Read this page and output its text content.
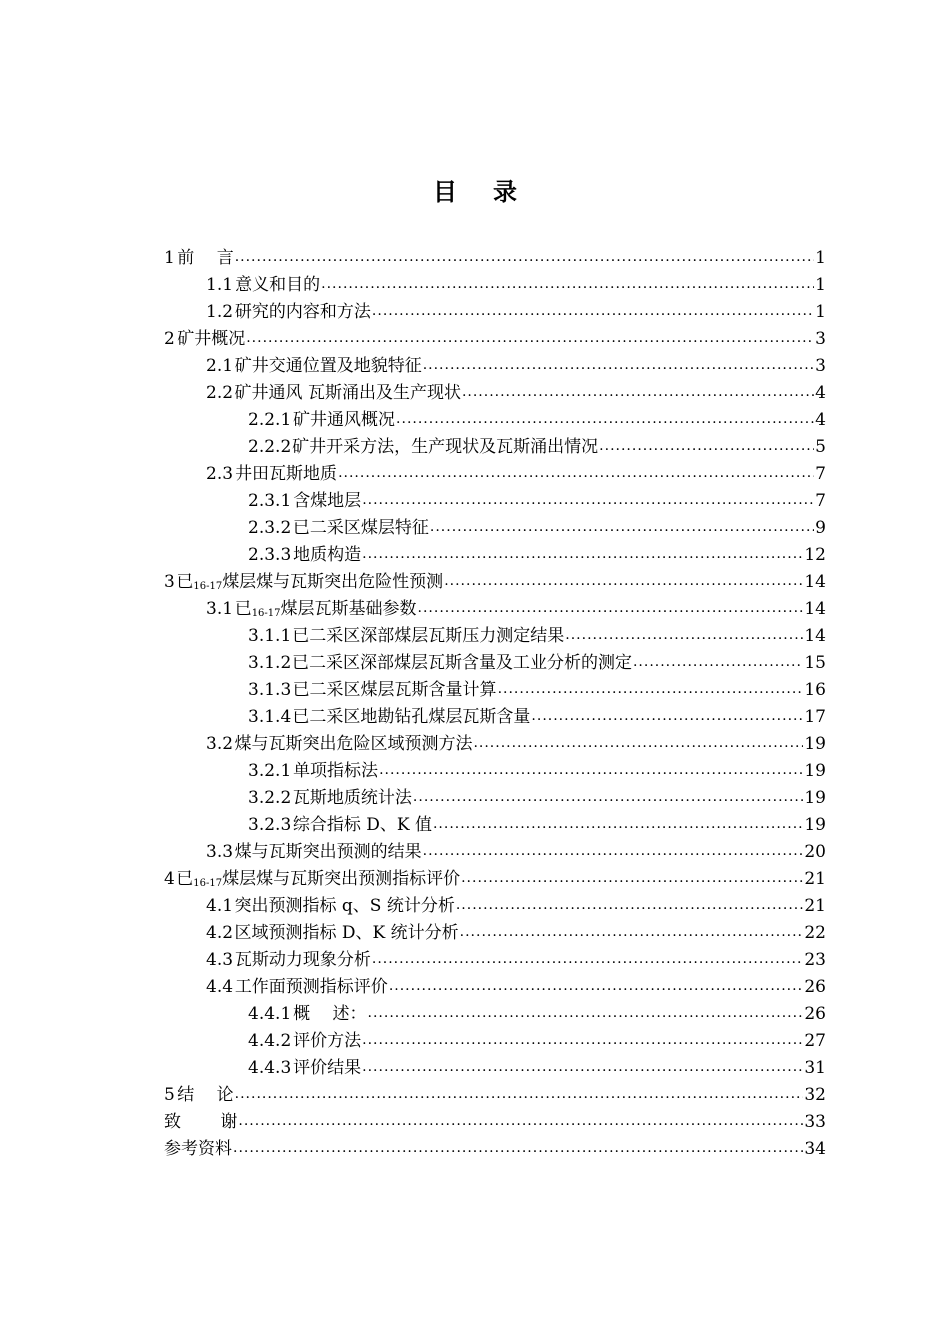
目 录
1 前　 言 .....	1
1.1 意义和目的 .....	1
1.2 研究的内容和方法 .....	1
2 矿井概况 .....	3
2.1 矿井交通位置及地貌特征 .....	3
2.2 矿井通风 瓦斯涌出及生产现状 .....	4
2.2.1 矿井通风概况 .....	4
2.2.2 矿井开采方法，生产现状及瓦斯涌出情况 .....	5
2.3 井田瓦斯地质 .....	7
2.3.1 含煤地层 .....	7
2.3.2 已二采区煤层特征 .....	9
2.3.3 地质构造 .....	12
3 已16-17煤层煤与瓦斯突出危险性预测 .....	14
3.1 已16-17煤层瓦斯基础参数 .....	14
3.1.1 已二采区深部煤层瓦斯压力测定结果 .....	14
3.1.2 已二采区深部煤层瓦斯含量及工业分析的测定 .....	15
3.1.3 已二采区煤层瓦斯含量计算 .....	16
3.1.4 已二采区地勘钻孔煤层瓦斯含量 .....	17
3.2 煤与瓦斯突出危险区域预测方法 .....	19
3.2.1 单项指标法 .....	19
3.2.2 瓦斯地质统计法 .....	19
3.2.3 综合指标 D、K 值 .....	19
3.3 煤与瓦斯突出预测的结果 .....	20
4 已16-17煤层煤与瓦斯突出预测指标评价 .....	21
4.1 突出预测指标 q、S 统计分析 .....	21
4.2 区域预测指标 D、K 统计分析 .....	22
4.3 瓦斯动力现象分析 .....	23
4.4 工作面预测指标评价 .....	26
4.4.1 概　 述： .....	26
4.4.2 评价方法 .....	27
4.4.3 评价结果 .....	31
5 结　 论 .....	32
致　　 谢 .....	33
参考资料 .....	34
